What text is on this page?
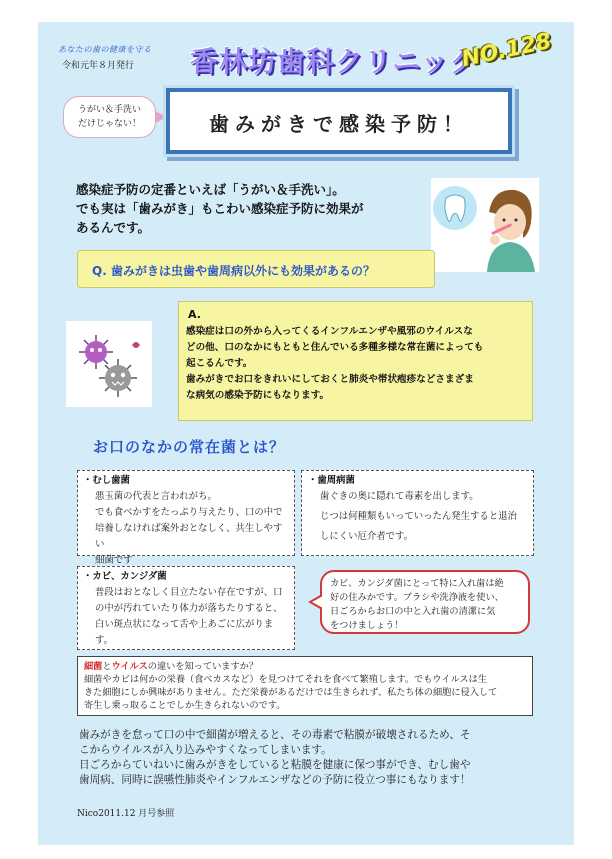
あなたの歯の健康を守る
令和元年８月発行 香林坊歯科クリニック
NO.128
うがい＆手洗い
だけじゃない！	歯みがきで感染予防！
感染症予防の定番といえば「うがい＆手洗い」。
でも実は「歯みがき」もこわい感染症予防に効果が
あるんです。
Q. 歯みがきは虫歯や歯周病以外にも効果があるの？
A.
感染症は口の外から入ってくるインフルエンザや風邪のウイルスな
どの他、口のなかにもともと住んでいる多種多様な常在菌によっても
起こるんです。
歯みがきでお口をきれいにしておくと肺炎や帯状疱疹などさまざま
な病気の感染予防にもなります。
お口のなかの常在菌とは？
・むし歯菌
悪玉菌の代表と言われがち。
でも食べかすをたっぷり与えたり、口の中で
培養しなければ案外おとなしく、共生しやすい
細菌です
・歯周病菌
歯ぐきの奥に隠れて毒素を出します。
じつは何種類もいっていったん発生すると退治
しにくい厄介者です。
・カビ、カンジダ菌
普段はおとなしく目立たない存在ですが、口
の中が汚れていたり体力が落ちたりすると、
白い斑点状になって舌や上あごに広がりま
す。
カビ、カンジダ菌にとって特に入れ歯は絶
好の住みかです。ブラシや洗浄液を使い、
日ごろからお口の中と入れ歯の清潔に気
をつけましょう！
細菌とウイルスの違いを知っていますか？
細菌やカビは何かの栄養（食べカスなど）を見つけてそれを食べて繁殖します。でもウイルスは生
きた細胞にしか興味がありません。ただ栄養があるだけでは生きられず、私たち体の細胞に侵入して
寄生し乗っ取ることでしか生きられないのです。
歯みがきを怠って口の中で細菌が増えると、その毒素で粘膜が破壊されるため、そ
こからウイルスが入り込みやすくなってしまいます。
日ごろからていねいに歯みがきをしていると粘膜を健康に保つ事ができ、むし歯や
歯周病、同時に誤嚥性肺炎やインフルエンザなどの予防に役立つ事にもなります！
Nico2011.12 月号参照
